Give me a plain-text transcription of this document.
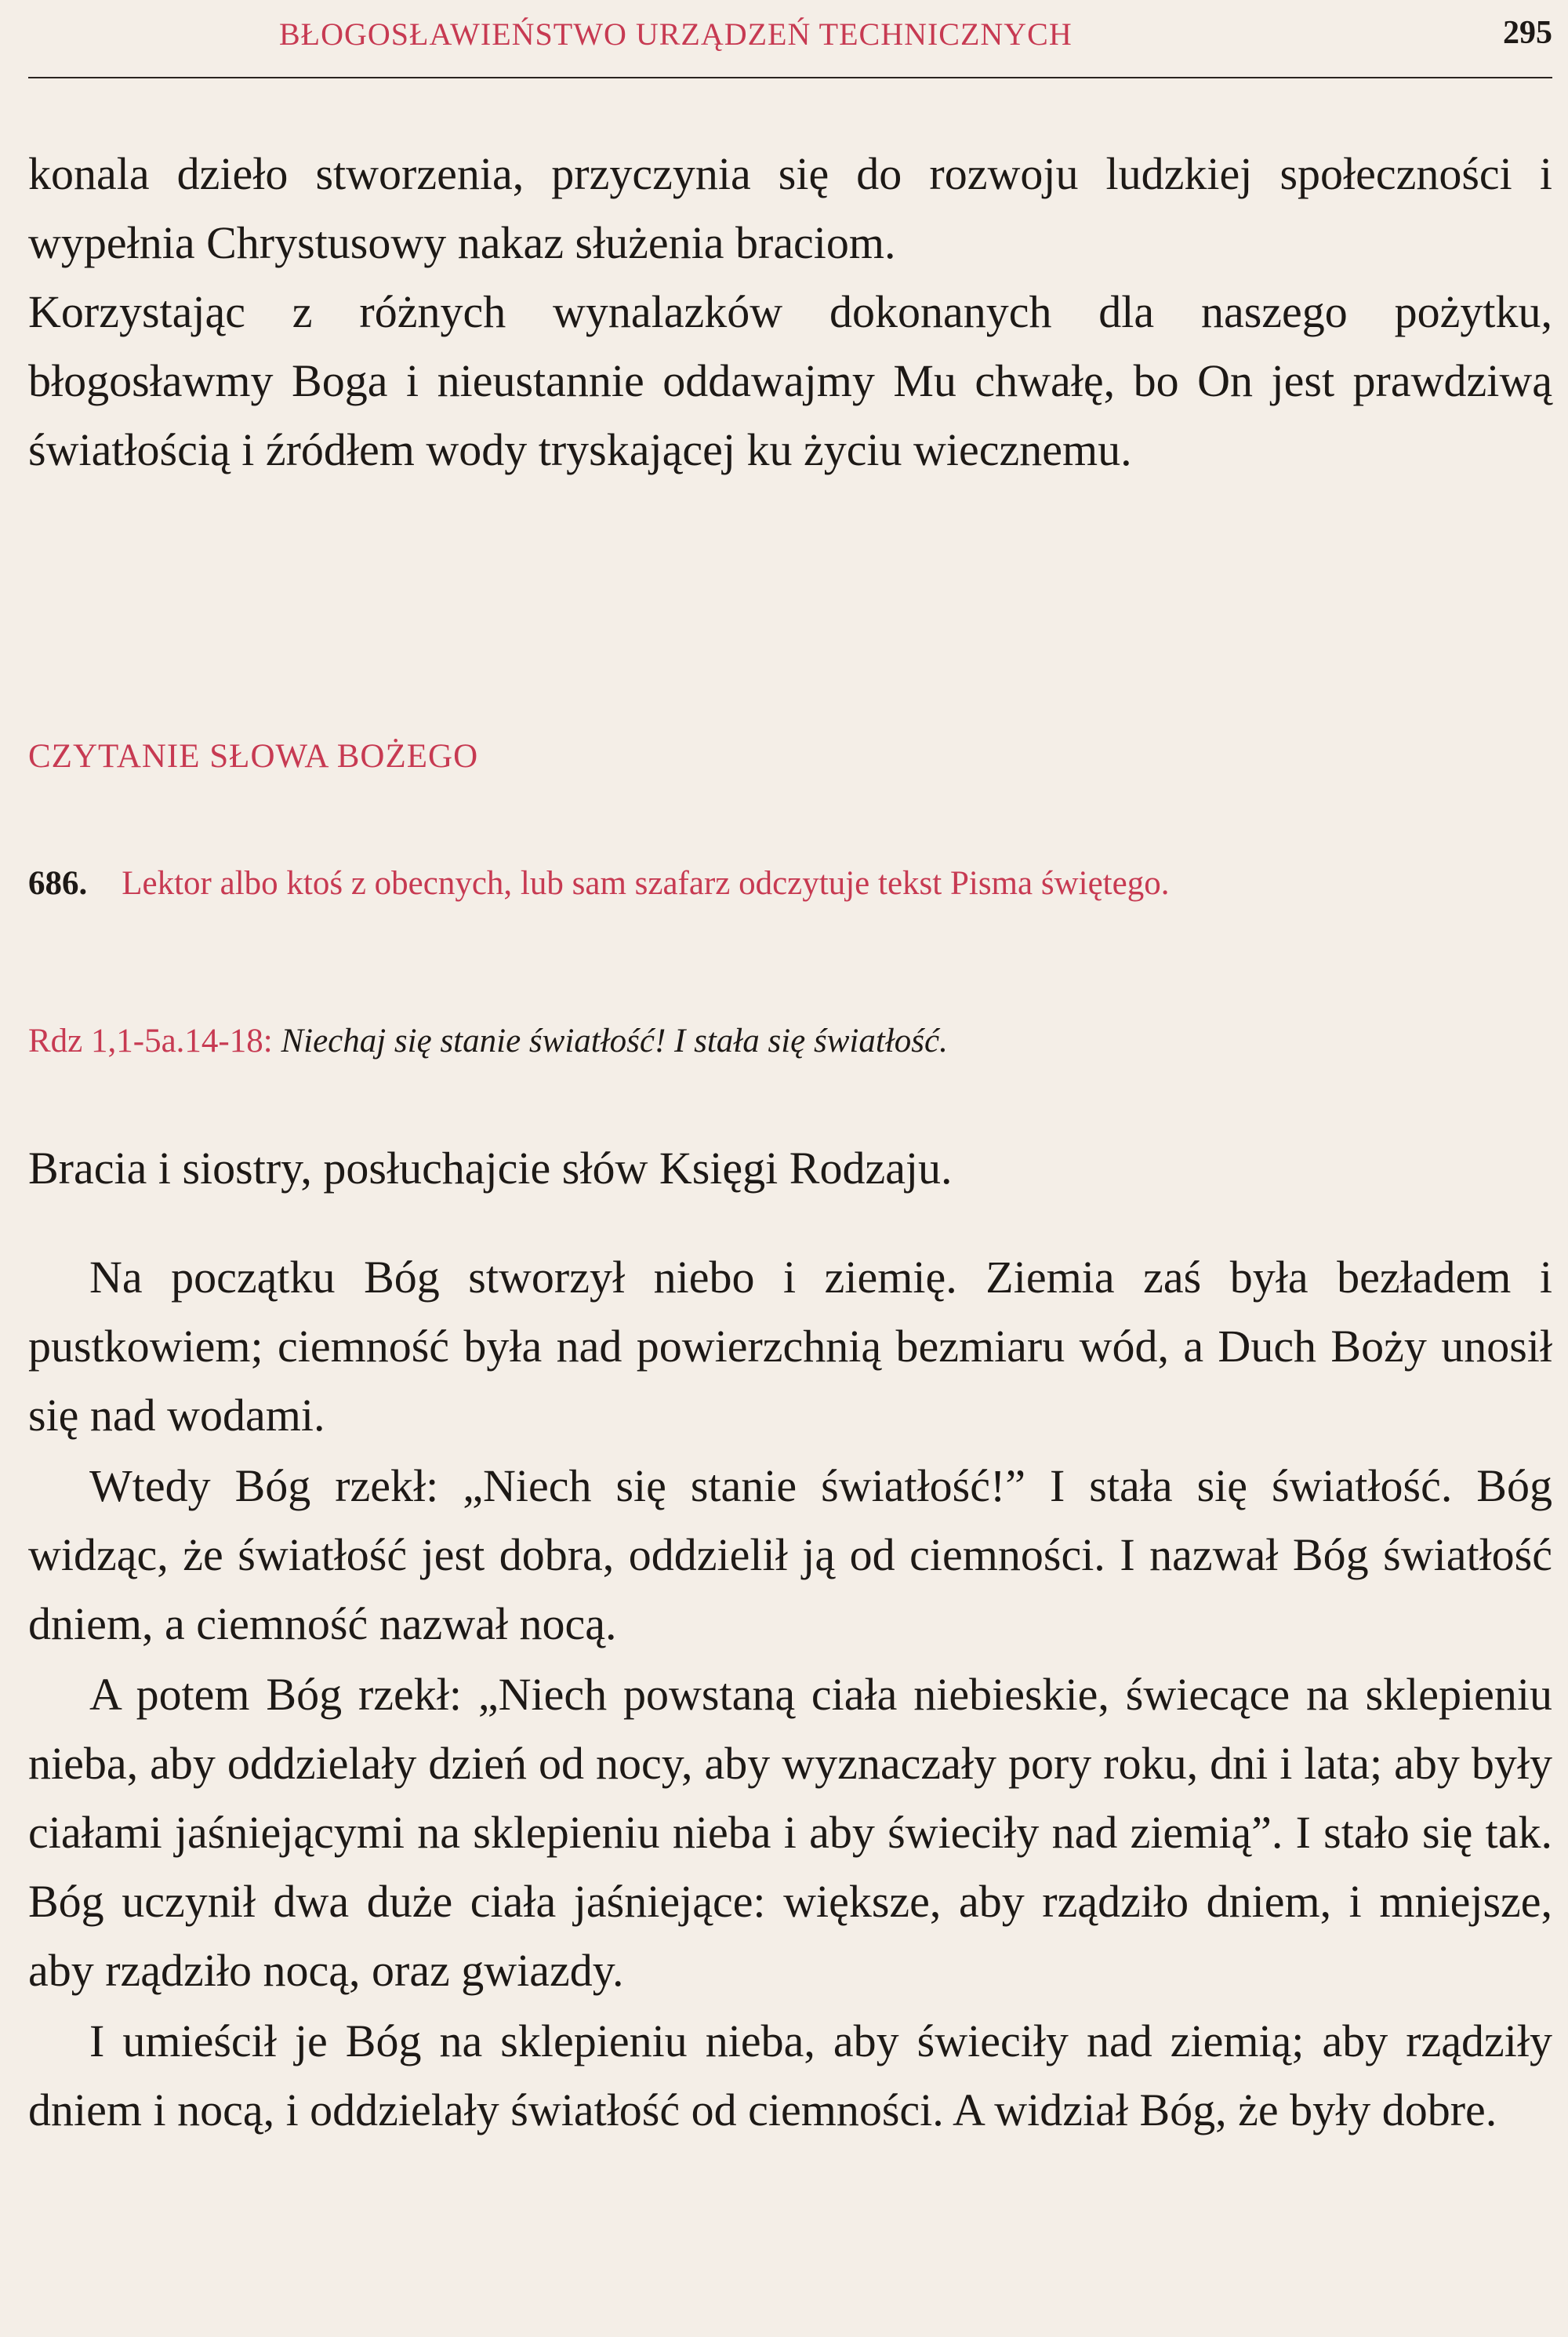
BŁOGOSŁAWIEŃSTWO URZĄDZEŃ TECHNICZNYCH	295

konala dzieło stworzenia, przyczynia się do rozwoju ludzkiej społeczności i wypełnia Chrystusowy nakaz służenia braciom.

Korzystając z różnych wynalazków dokonanych dla naszego pożytku, błogosławmy Boga i nieustannie oddawajmy Mu chwałę, bo On jest prawdziwą światłością i źródłem wody tryskającej ku życiu wiecznemu.

CZYTANIE SŁOWA BOŻEGO
686. Lektor albo ktoś z obecnych, lub sam szafarz odczytuje tekst Pisma świętego.
Rdz 1,1-5a.14-18: Niechaj się stanie światłość! I stała się światłość.
Bracia i siostry, posłuchajcie słów Księgi Rodzaju.

Na początku Bóg stworzył niebo i ziemię. Ziemia zaś była bezładem i pustkowiem; ciemność była nad powierzchnią bezmiaru wód, a Duch Boży unosił się nad wodami.

Wtedy Bóg rzekł: „Niech się stanie światłość!” I stała się światłość. Bóg widząc, że światłość jest dobra, oddzielił ją od ciemności. I nazwał Bóg światłość dniem, a ciemność nazwał nocą.

A potem Bóg rzekł: „Niech powstaną ciała niebieskie, świecące na sklepieniu nieba, aby oddzielały dzień od nocy, aby wyznaczały pory roku, dni i lata; aby były ciałami jaśniejącymi na sklepieniu nieba i aby świeciły nad ziemią”. I stało się tak. Bóg uczynił dwa duże ciała jaśniejące: większe, aby rządziło dniem, i mniejsze, aby rządziło nocą, oraz gwiazdy.

I umieścił je Bóg na sklepieniu nieba, aby świeciły nad ziemią; aby rządziły dniem i nocą, i oddzielały światłość od ciemności. A widział Bóg, że były dobre.
